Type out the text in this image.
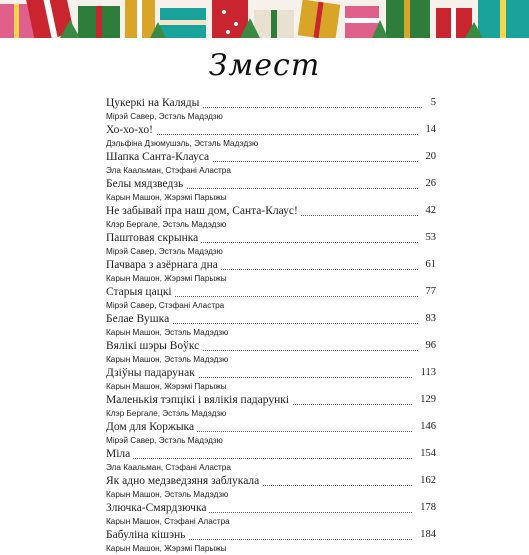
Змест
Цукеркі на Каляды	5
Мірэй Савер, Эстэль Мадэдзю
Хо-хо-хо!	14
Дэльфіна Дзюмушэль, Эстэль Мадэдзю
Шапка Санта-Клауса	20
Эла Каальман, Стэфані Аластра
Белы мядзведзь	26
Карын Машон, Жэрэмі Парыжы
Не забывай пра наш дом, Санта-Клаус!	42
Клэр Бергале, Эстэль Мадэдзю
Паштовая скрынка	53
Мірэй Савер, Эстэль Мадэдзю
Пачвара з азёрнага дна	61
Карын Машон, Жэрэмі Парыжы
Старыя цацкі	77
Мірэй Савер, Стэфані Аластра
Белае Вушка	83
Карын Машон, Эстэль Мадэдзю
Вялікі шэры Воўкс	96
Карын Машон, Эстэль Мадэдзю
Дзіўны падарунак	113
Карын Машон, Жэрэмі Парыжы
Маленькія тэпцікі і вялікія падарункі	129
Клэр Бергале, Эстэль Мадэдзю
Дом для Коржыка	146
Мірэй Савер, Эстэль Мадэдзю
Міла	154
Эла Каальман, Стэфані Аластра
Як адно медзведзяня заблукала	162
Карын Машон, Эстэль Мадэдзю
Злючка-Смярдзючка	178
Карын Машон, Стэфані Аластра
Бабуліна кішэнь	184
Карын Машон, Жэрэмі Парыжы
